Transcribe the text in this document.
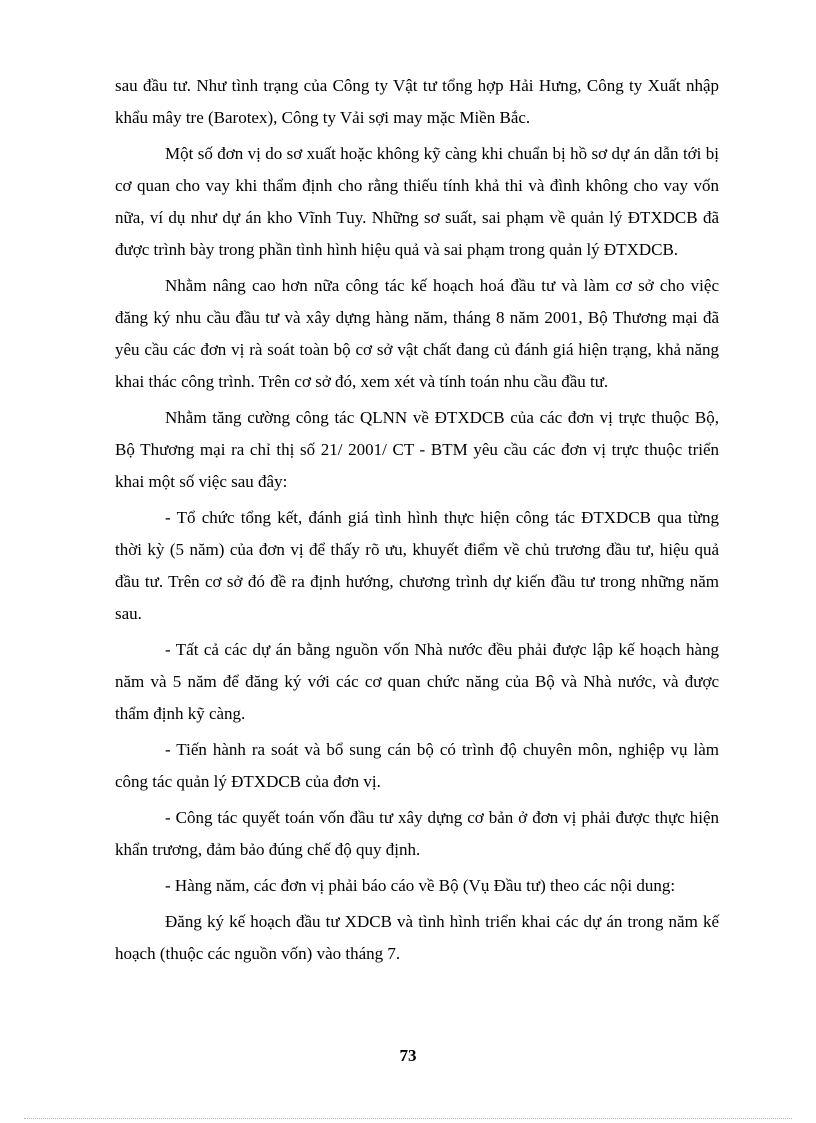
sau đầu tư. Như tình trạng của Công ty Vật tư tổng hợp Hải Hưng, Công ty Xuất nhập khẩu mây tre (Barotex), Công ty Vải sợi may mặc Miền Bắc.

Một số đơn vị do sơ xuất hoặc không kỹ càng khi chuẩn bị hồ sơ dự án dẫn tới bị cơ quan cho vay khi thẩm định cho rằng thiếu tính khả thi và đình không cho vay vốn nữa, ví dụ như dự án kho Vĩnh Tuy. Những sơ suất, sai phạm về quản lý ĐTXDCB đã được trình bày trong phần tình hình hiệu quả và sai phạm trong quản lý ĐTXDCB.

Nhằm nâng cao hơn nữa công tác kế hoạch hoá đầu tư và làm cơ sở cho việc đăng ký nhu cầu đầu tư và xây dựng hàng năm, tháng 8 năm 2001, Bộ Thương mại đã yêu cầu các đơn vị rà soát toàn bộ cơ sở vật chất đang củ đánh giá hiện trạng, khả năng khai thác công trình. Trên cơ sở đó, xem xét và tính toán nhu cầu đầu tư.

Nhằm tăng cường công tác QLNN về ĐTXDCB của các đơn vị trực thuộc Bộ, Bộ Thương mại ra chỉ thị số 21/ 2001/ CT - BTM yêu cầu các đơn vị trực thuộc triển khai một số việc sau đây:

- Tổ chức tổng kết, đánh giá tình hình thực hiện công tác ĐTXDCB qua từng thời kỳ (5 năm) của đơn vị để thấy rõ ưu, khuyết điểm về chủ trương đầu tư, hiệu quả đầu tư. Trên cơ sở đó đề ra định hướng, chương trình dự kiến đầu tư trong những năm sau.

- Tất cả các dự án bằng nguồn vốn Nhà nước đều phải được lập kế hoạch hàng năm và 5 năm để đăng ký với các cơ quan chức năng của Bộ và Nhà nước, và được thẩm định kỹ càng.

- Tiến hành ra soát và bổ sung cán bộ có trình độ chuyên môn, nghiệp vụ làm công tác quản lý ĐTXDCB của đơn vị.

- Công tác quyết toán vốn đầu tư xây dựng cơ bản ở đơn vị phải được thực hiện khẩn trương, đảm bảo đúng chế độ quy định.

- Hàng năm, các đơn vị phải báo cáo về Bộ (Vụ Đầu tư) theo các nội dung:

Đăng ký kế hoạch đầu tư XDCB và tình hình triển khai các dự án trong năm kế hoạch (thuộc các nguồn vốn) vào tháng 7.

73
